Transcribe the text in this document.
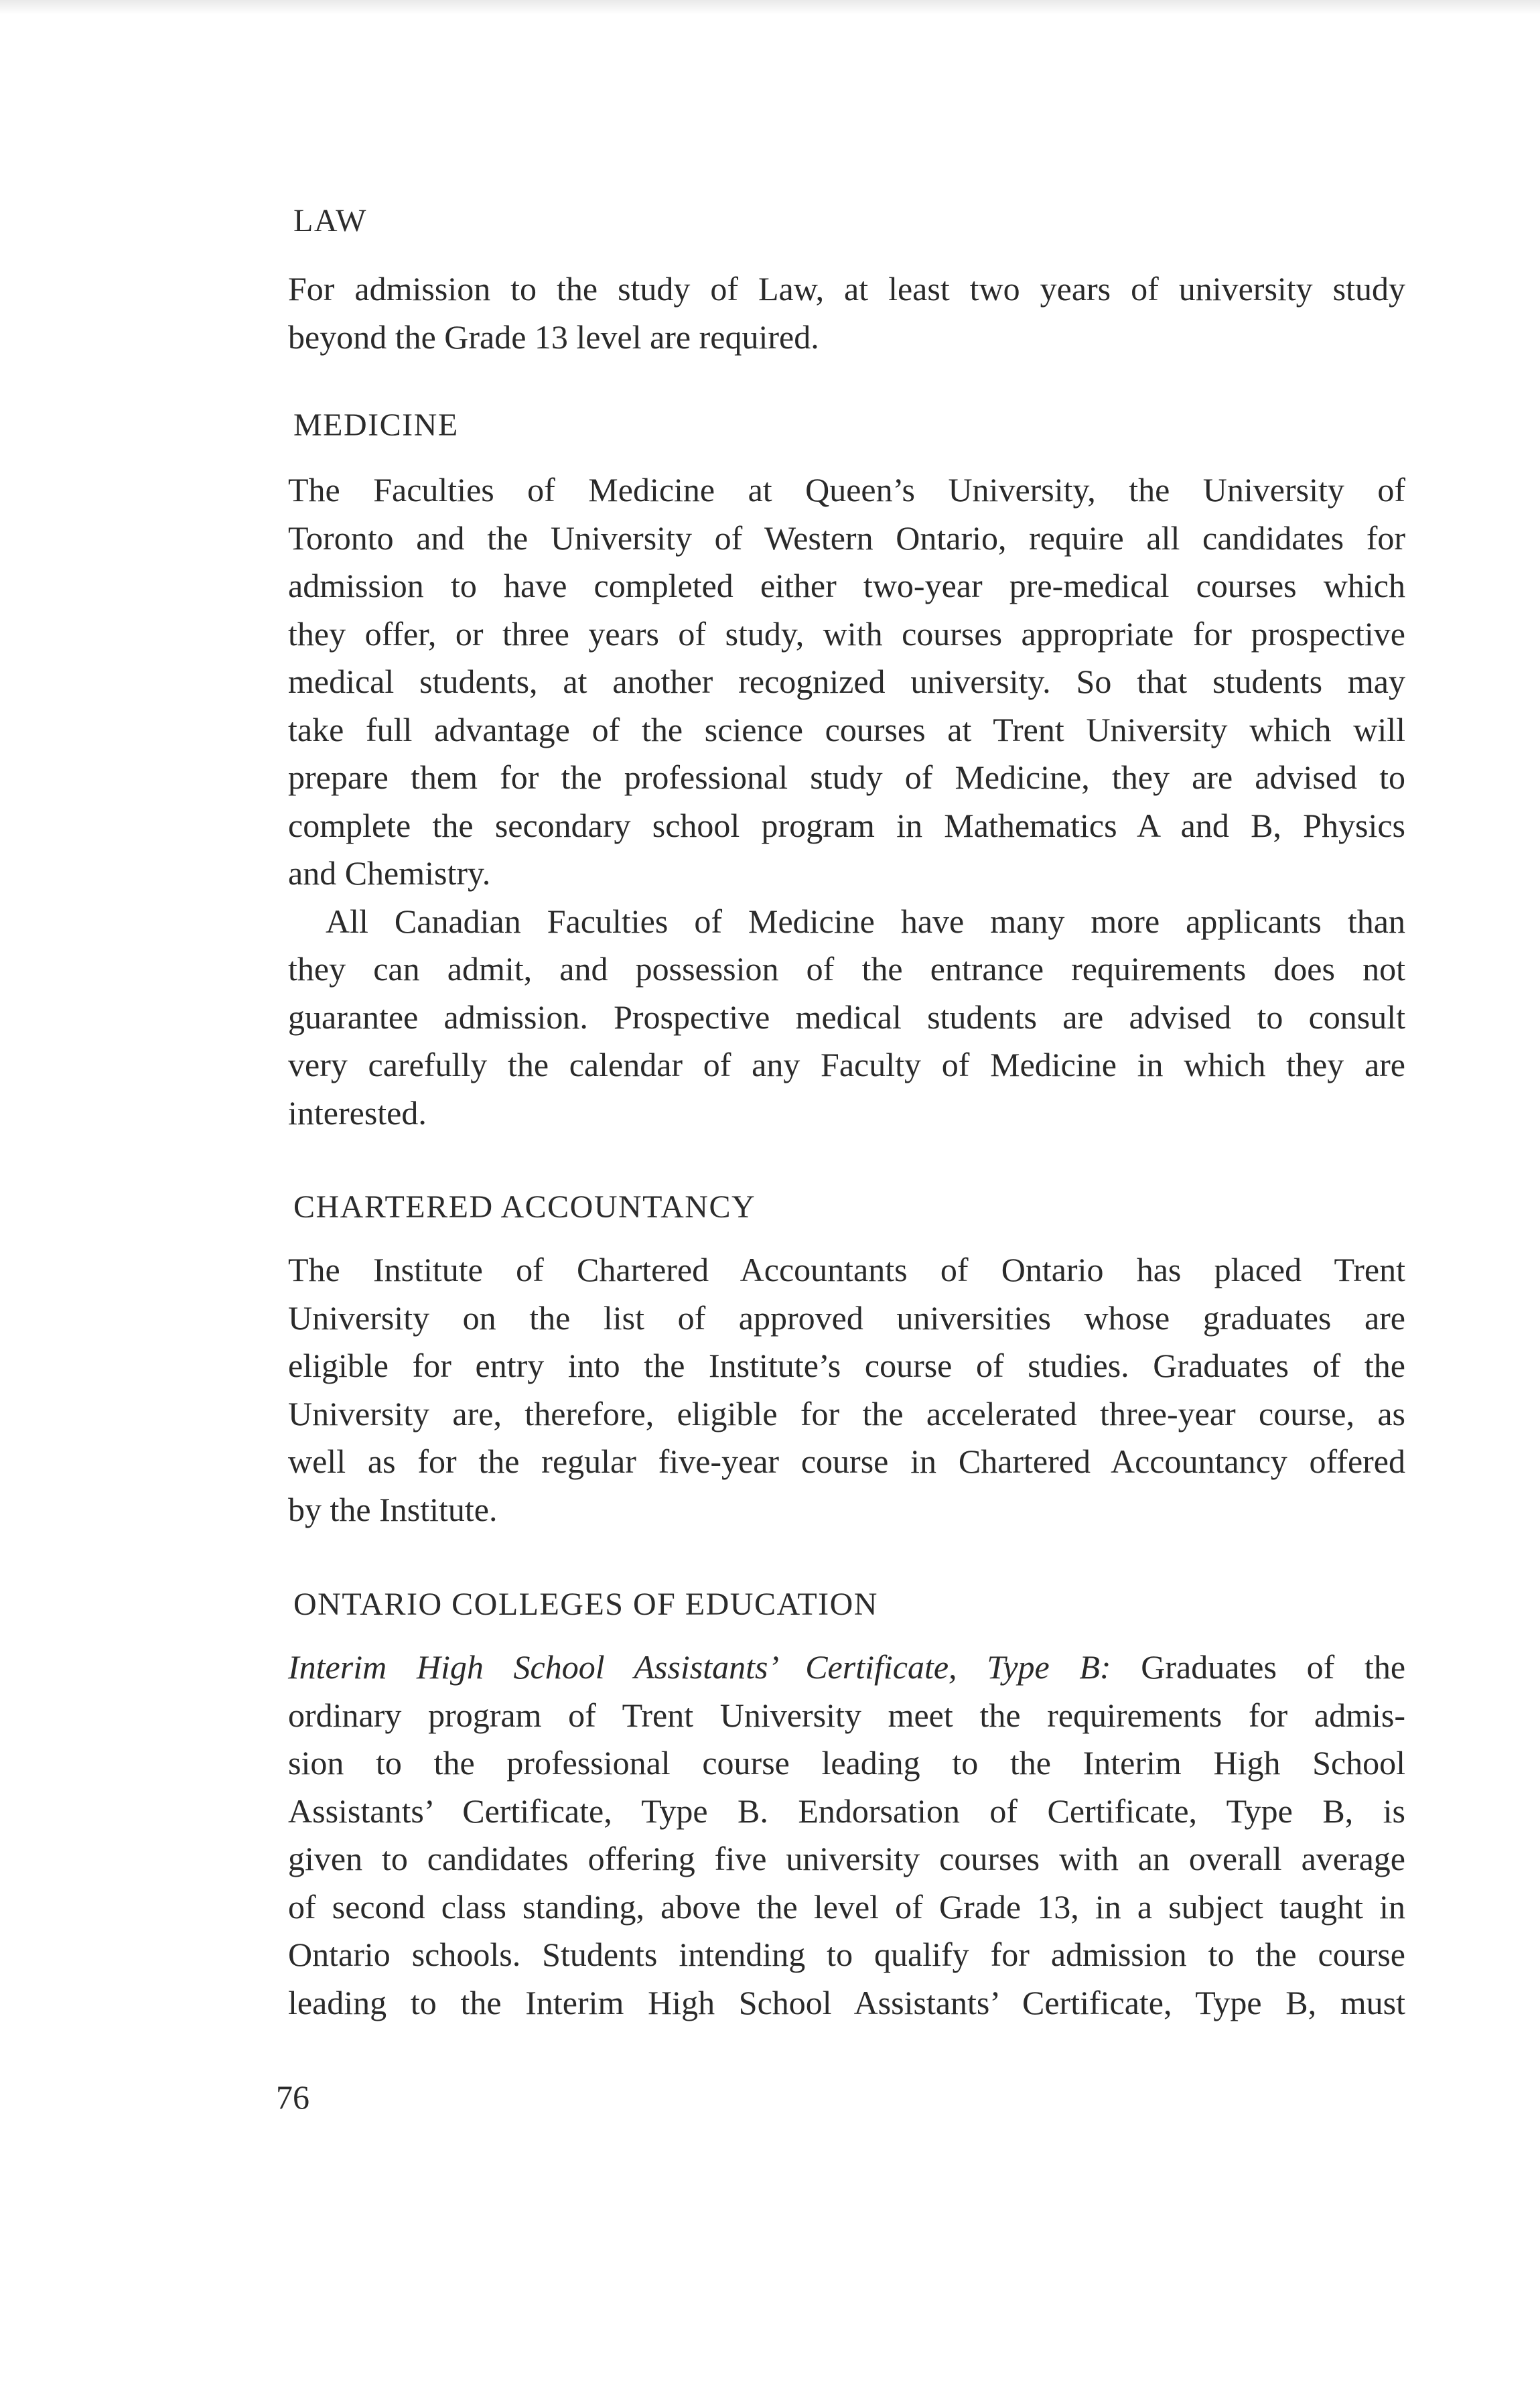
LAW
For admission to the study of Law, at least two years of university study
beyond the Grade 13 level are required.
MEDICINE
The Faculties of Medicine at Queen’s University, the University of
Toronto and the University of Western Ontario, require all candidates for
admission to have completed either two-year pre-medical courses which
they offer, or three years of study, with courses appropriate for prospective
medical students, at another recognized university. So that students may
take full advantage of the science courses at Trent University which will
prepare them for the professional study of Medicine, they are advised to
complete the secondary school program in Mathematics A and B, Physics
and Chemistry.
All Canadian Faculties of Medicine have many more applicants than
they can admit, and possession of the entrance requirements does not
guarantee admission. Prospective medical students are advised to consult
very carefully the calendar of any Faculty of Medicine in which they are
interested.
CHARTERED ACCOUNTANCY
The Institute of Chartered Accountants of Ontario has placed Trent
University on the list of approved universities whose graduates are
eligible for entry into the Institute’s course of studies. Graduates of the
University are, therefore, eligible for the accelerated three-year course, as
well as for the regular five-year course in Chartered Accountancy offered
by the Institute.
ONTARIO COLLEGES OF EDUCATION
Interim High School Assistants’ Certificate, Type B: Graduates of the
ordinary program of Trent University meet the requirements for admis-
sion to the professional course leading to the Interim High School
Assistants’ Certificate, Type B. Endorsation of Certificate, Type B, is
given to candidates offering five university courses with an overall average
of second class standing, above the level of Grade 13, in a subject taught in
Ontario schools. Students intending to qualify for admission to the course
leading to the Interim High School Assistants’ Certificate, Type B, must
76
